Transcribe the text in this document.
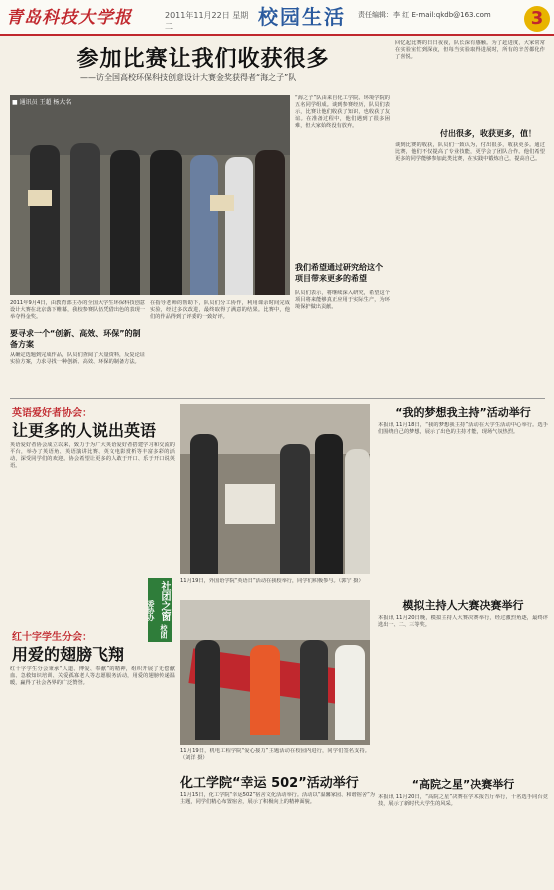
青岛科技大学报	2011年11月22日 星期二	校园生活 责任编辑：李 红 E-mail:qkdb@163.com	3
参加比赛让我们收获很多
——访全国高校环保科技创意设计大赛金奖获得者“海之子”队
■ 通讯员 王超 杨大名
2011年9月4日，由教育部主办的全国大学生环保科技创意设计大赛在北京落下帷幕，我校参赛队伍凭借出色的表现一举夺得金奖。
要寻求一个“创新、高效、环保”的制备方案
从确定选题到完成作品，队员们查阅了大量资料，反复论证实验方案，力求寻找一种创新、高效、环保的制备方法。
在指导老师的帮助下，队员们分工协作，利用课余时间完成实验，经过多次改进，最终取得了满意的结果。比赛中，他们的作品得到了评委的一致好评。
“海之子”队由来自化工学院、环境学院的五名同学组成。谈到参赛经历，队员们表示，比赛让他们收获了知识，也收获了友谊。在准备过程中，他们遇到了很多困难，但大家始终没有放弃。
我们希望通过研究给这个项目带来更多的希望
队员们表示，将继续深入研究，希望这个项目将来能够真正应用于实际生产，为环境保护做出贡献。
回忆起比赛的日日夜夜，队长深有感触。为了赶进度，大家常常在实验室忙到深夜，但每当实验取得进展时，所有的辛苦都化作了喜悦。
付出很多，收获更多，值！
谈到比赛的收获，队员们一致认为，付出很多，收获更多。通过比赛，他们不仅提高了专业技能，更学会了团队合作。他们希望更多的同学能够参加此类比赛，在实践中锻炼自己，提高自己。
英语爱好者协会：
让更多的人说出英语
英语爱好者协会成立以来，致力于为广大英语爱好者搭建学习和交流的平台，举办了英语角、英语演讲比赛、英文电影赏析等丰富多彩的活动，深受同学们的欢迎。协会希望让更多的人敢于开口、乐于开口说英语。
社团之窗 校团委协办
红十字学生分会：
用爱的翅膀飞翔
红十字学生分会秉承“人道、博爱、奉献”的精神，组织开展了无偿献血、急救知识培训、关爱孤寡老人等志愿服务活动，用爱的翅膀传递温暖，赢得了社会各界的广泛赞誉。
11月19日，外国语学院“英语日”活动在我校举行，同学们积极参与。（郭宁 摄）
11月19日，机电工程学院“爱心接力”主题活动在校园内进行，同学们签名支持。（刘洋 摄）
化工学院“幸运 502”活动举行
11月15日，化工学院“幸运502”宿舍文化活动举行。活动以“温馨家园、和谐宿舍”为主题，同学们精心布置宿舍，展示了积极向上的精神面貌。
“我的梦想我主持”活动举行
本报讯 11月18日，“我的梦想我主持”活动在大学生活动中心举行。选手们围绕自己的梦想，展示了出色的主持才能，现场气氛热烈。
模拟主持人大赛决赛举行
本报讯 11月20日晚，模拟主持人大赛决赛举行，经过激烈角逐，最终评选出一、二、三等奖。
“高院之星”决赛举行
本报讯 11月20日，“高院之星”决赛在学术报告厅举行，十名选手同台竞技，展示了新时代大学生的风采。
